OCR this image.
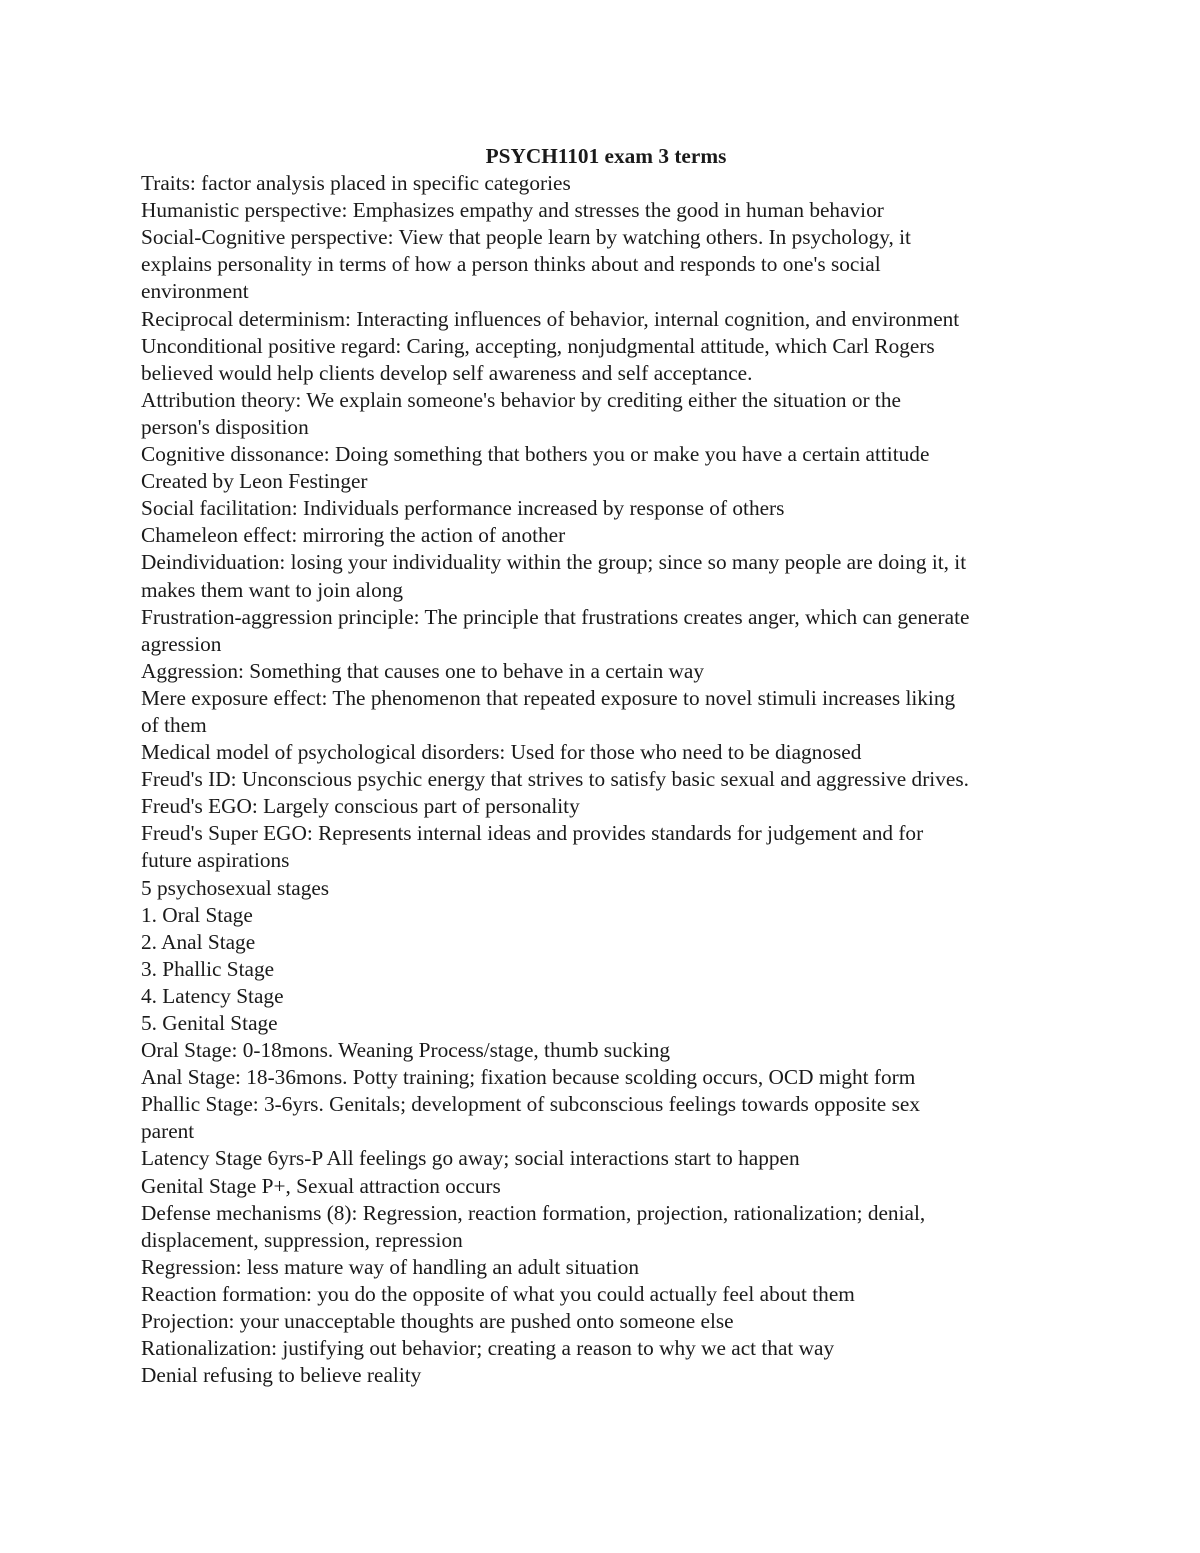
PSYCH1101 exam 3 terms

Traits: factor analysis placed in specific categories

Humanistic perspective: Emphasizes empathy and stresses the good in human behavior

Social-Cognitive perspective: View that people learn by watching others. In psychology, it

explains personality in terms of how a person thinks about and responds to one's social

environment

Reciprocal determinism: Interacting influences of behavior, internal cognition, and environment

Unconditional positive regard: Caring, accepting, nonjudgmental attitude, which Carl Rogers

believed would help clients develop self awareness and self acceptance.

Attribution theory: We explain someone's behavior by crediting either the situation or the

person's disposition

Cognitive dissonance: Doing something that bothers you or make you have a certain attitude

Created by Leon Festinger

Social facilitation: Individuals performance increased by response of others

Chameleon effect: mirroring the action of another

Deindividuation: losing your individuality within the group; since so many people are doing it, it

makes them want to join along

Frustration-aggression principle: The principle that frustrations creates anger, which can generate

agression

Aggression: Something that causes one to behave in a certain way

Mere exposure effect: The phenomenon that repeated exposure to novel stimuli increases liking

of them

Medical model of psychological disorders: Used for those who need to be diagnosed

Freud's ID: Unconscious psychic energy that strives to satisfy basic sexual and aggressive drives.

Freud's EGO: Largely conscious part of personality

Freud's Super EGO: Represents internal ideas and provides standards for judgement and for

future aspirations

5 psychosexual stages

1. Oral Stage

2. Anal Stage

3. Phallic Stage

4. Latency Stage

5. Genital Stage

Oral Stage: 0-18mons. Weaning Process/stage, thumb sucking

Anal Stage: 18-36mons. Potty training; fixation because scolding occurs, OCD might form

Phallic Stage: 3-6yrs. Genitals; development of subconscious feelings towards opposite sex

parent

Latency Stage 6yrs-P All feelings go away; social interactions start to happen

Genital Stage P+, Sexual attraction occurs

Defense mechanisms (8): Regression, reaction formation, projection, rationalization; denial,

displacement, suppression, repression

Regression: less mature way of handling an adult situation

Reaction formation: you do the opposite of what you could actually feel about them

Projection: your unacceptable thoughts are pushed onto someone else

Rationalization: justifying out behavior; creating a reason to why we act that way

Denial refusing to believe reality
